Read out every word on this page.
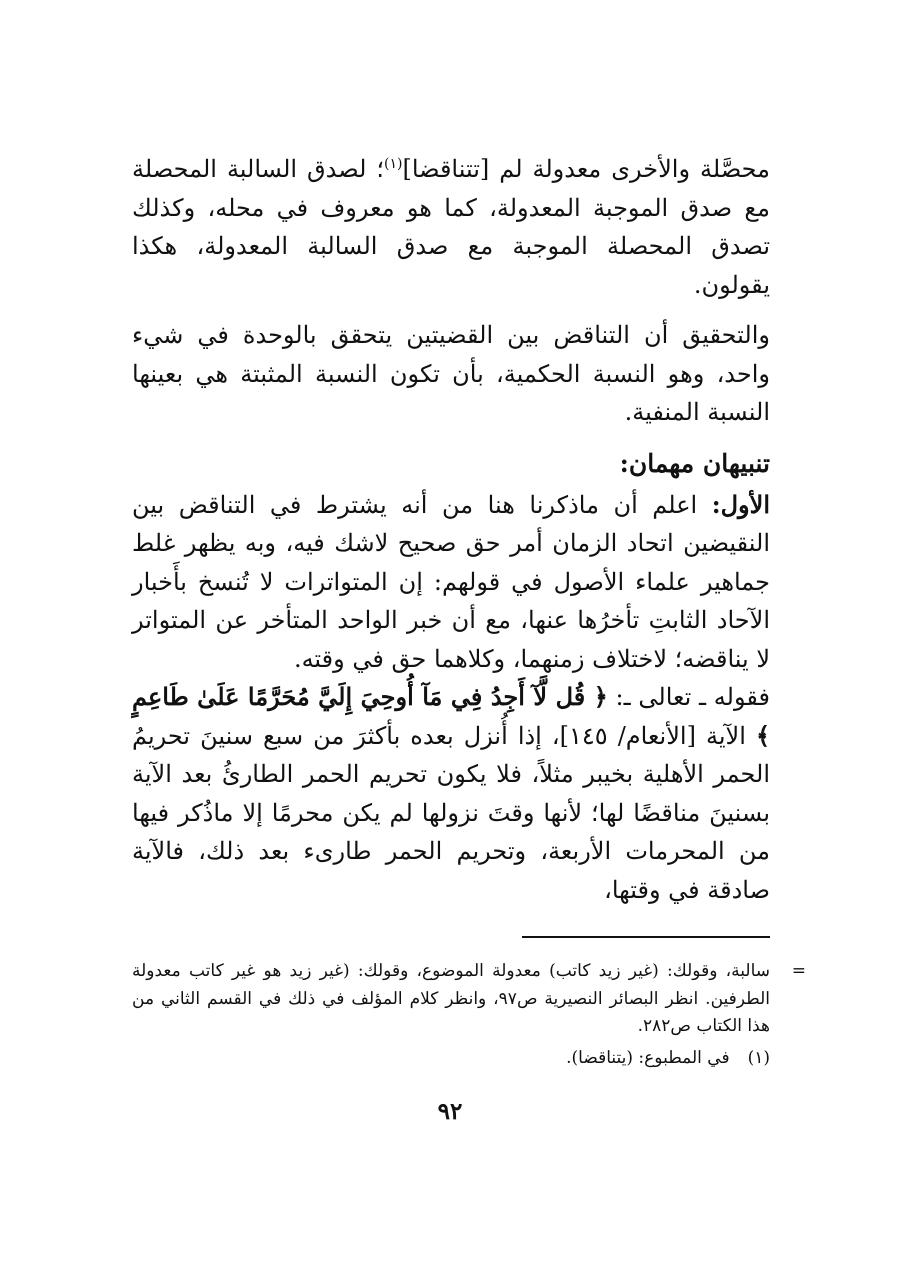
محصَّلة والأخرى معدولة لم [تتناقضا]$^{(١)}$؛ لصدق السالبة المحصلة مع صدق الموجبة المعدولة، كما هو معروف في محله، وكذلك تصدق المحصلة الموجبة مع صدق السالبة المعدولة، هكذا يقولون.

والتحقيق أن التناقض بين القضيتين يتحقق بالوحدة في شيء واحد، وهو النسبة الحكمية، بأن تكون النسبة المثبتة هي بعينها النسبة المنفية.

تنبيهان مهمان:

الأول: اعلم أن ماذكرنا هنا من أنه يشترط في التناقض بين النقيضين اتحاد الزمان أمر حق صحيح لاشك فيه، وبه يظهر غلط جماهير علماء الأصول في قولهم: إن المتواترات لا تُنسخ بأَخبار الآحاد الثابتِ تأخرُها عنها، مع أن خبر الواحد المتأخر عن المتواتر لا يناقضه؛ لاختلاف زمنهما، وكلاهما حق في وقته.

فقوله ـ تعالى ـ: ﴿ قُل لَّآ أَجِدُ فِي مَآ أُوحِيَ إِلَيَّ مُحَرَّمًا عَلَىٰ طَاعِمٍ ﴾ الآية [الأنعام/ ١٤٥]، إذا أُنزل بعده بأكثرَ من سبع سنينَ تحريمُ الحمر الأهلية بخيبر مثلاً، فلا يكون تحريم الحمر الطارئُ بعد الآية بسنينَ مناقضًا لها؛ لأنها وقتَ نزولها لم يكن محرمًا إلا ماذُكر فيها من المحرمات الأربعة، وتحريم الحمر طارىء بعد ذلك، فالآية صادقة في وقتها،

=
سالبة، وقولك: (غير زيد كاتب) معدولة الموضوع، وقولك: (غير زيد هو غير كاتب معدولة الطرفين. انظر البصائر النصيرية ص٩٧، وانظر كلام المؤلف في ذلك في القسم الثاني من هذا الكتاب ص٢٨٢.

(١)في المطبوع: (يتناقضا).

٩٢
